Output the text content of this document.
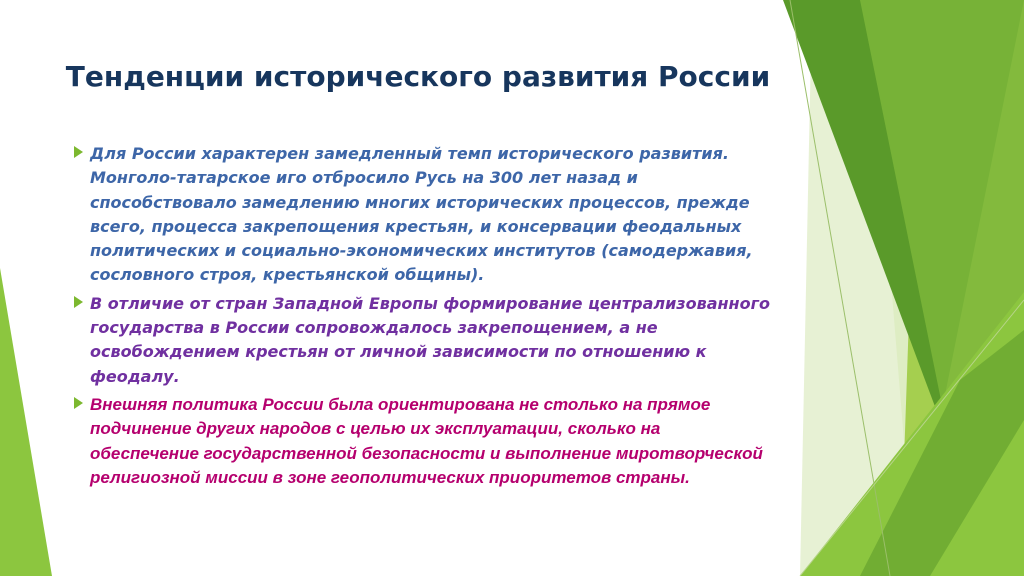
Тенденции исторического развития России
Для России характерен замедленный темп исторического развития. Монголо-татарское иго отбросило Русь на 300 лет назад и способствовало замедлению многих исторических процессов, прежде всего, процесса закрепощения крестьян, и консервации феодальных политических и социально-экономических институтов (самодержавия, сословного строя, крестьянской общины).
В отличие от стран Западной Европы формирование централизованного государства в России сопровождалось закрепощением, а не освобождением крестьян от личной зависимости по отношению к феодалу.
Внешняя политика России была ориентирована не столько на прямое подчинение других народов с целью их эксплуатации, сколько на обеспечение государственной безопасности и выполнение миротворческой религиозной миссии в зоне геополитических приоритетов страны.
